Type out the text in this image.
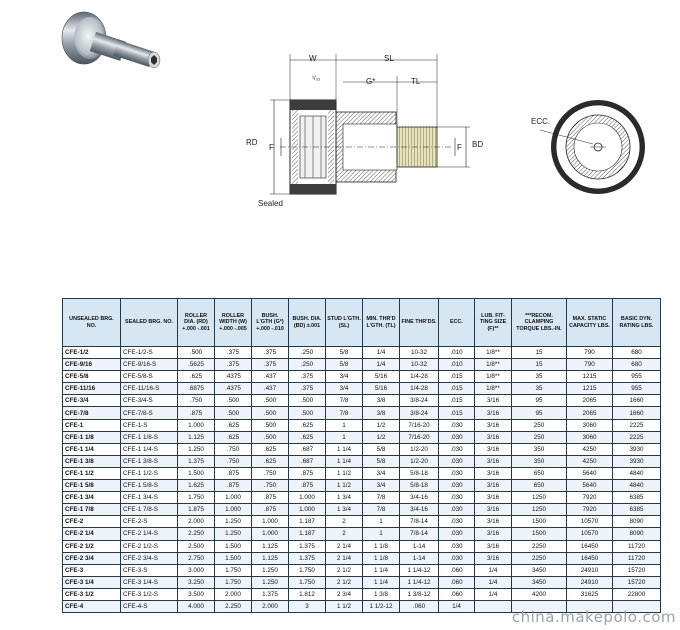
W	SL
¹/₃₂	G*	TL
RD
F	F BD
ECC.
Sealed
UNSEALED BRG. NO.	SEALED BRG. NO.	ROLLER DIA. (RD) +.000 -.001	ROLLER WIDTH (W) +.000 -.005	BUSH. L'GTH (G*) +.000 -.010	BUSH. DIA. (BD) ±.001	STUD L'GTH. (SL)	MIN. THR'D L'GTH. (TL)	FINE THR'DS.	ECC.	LUB. FIT-TING SIZE (F)**	***RECOM. CLAMPING TORQUE LBS.-IN.	MAX. STATIC CAPACITY LBS.	BASIC DYN. RATING LBS.
CFE-1/2	CFE-1/2-S	.500	.375	.375	.250	5/8	1/4	10-32	.010	1/8**	15	790	680
CFE-9/16	CFE-9/16-S	.5625	.375	.375	.250	5/8	1/4	10-32	.010	1/8**	15	790	680
CFE-5/8	CFE-5/8-S	.625	.4375	.437	.375	3/4	5/16	1/4-28	.015	1/8**	35	1215	955
CFE-11/16	CFE-11/16-S	.6875	.4375	.437	.375	3/4	5/16	1/4-28	.015	1/8**	35	1215	955
CFE-3/4	CFE-3/4-S	.750	.500	.500	.500	7/8	3/8	3/8-24	.015	3/16	95	2065	1660
CFE-7/8	CFE-7/8-S	.875	.500	.500	.500	7/8	3/8	3/8-24	.015	3/16	95	2065	1660
CFE-1	CFE-1-S	1.000	.625	.500	.625	1	1/2	7/16-20	.030	3/16	250	3060	2225
CFE-1 1/8	CFE-1 1/8-S	1.125	.625	.500	.625	1	1/2	7/16-20	.030	3/16	250	3060	2225
CFE-1 1/4	CFE-1 1/4-S	1.250	.750	.625	.687	1 1/4	5/8	1/2-20	.030	3/16	350	4250	3930
CFE-1 3/8	CFE-1 3/8-S	1.375	.750	.625	.687	1 1/4	5/8	1/2-20	.030	3/16	350	4250	3930
CFE-1 1/2	CFE-1 1/2-S	1.500	.875	.750	.875	1 1/2	3/4	5/8-18	.030	3/16	650	5640	4840
CFE-1 5/8	CFE-1 5/8-S	1.625	.875	.750	.875	1 1/2	3/4	5/8-18	.030	3/16	650	5640	4840
CFE-1 3/4	CFE-1 3/4-S	1.750	1.000	.875	1.000	1 3/4	7/8	3/4-16	.030	3/16	1250	7920	6385
CFE-1 7/8	CFE-1 7/8-S	1.875	1.000	.875	1.000	1 3/4	7/8	3/4-16	.030	3/16	1250	7920	6385
CFE-2	CFE-2-S	2.000	1.250	1.000	1.187	2	1	7/8-14	.030	3/16	1500	10570	8090
CFE-2 1/4	CFE-2 1/4-S	2.250	1.250	1.000	1.187	2	1	7/8-14	.030	3/16	1500	10570	8090
CFE-2 1/2	CFE-2 1/2-S	2.500	1.500	1.125	1.375	2 1/4	1 1/8	1-14	.030	3/16	2250	16450	11720
CFE-2 3/4	CFE-2 3/4-S	2.750	1.500	1.125	1.375	2 1/4	1 1/8	1-14	.030	3/16	2250	16450	11720
CFE-3	CFE-3-S	3.000	1.750	1.250	1.750	2 1/2	1 1/4	1 1/4-12	.060	1/4	3450	24910	15720
CFE-3 1/4	CFE-3 1/4-S	3.250	1.750	1.250	1.750	2 1/2	1 1/4	1 1/4-12	.060	1/4	3450	24910	15720
CFE-3 1/2	CFE-3 1/2-S	3.500	2.000	1.375	1.812	2 3/4	1 3/8	1 3/8-12	.060	1/4	4200	31625	22800
CFE-4	CFE-4-S	4.000	2.250	2.000	3	1 1/2	1 1/2-12	.060	1/4				
china.makepolo.com
